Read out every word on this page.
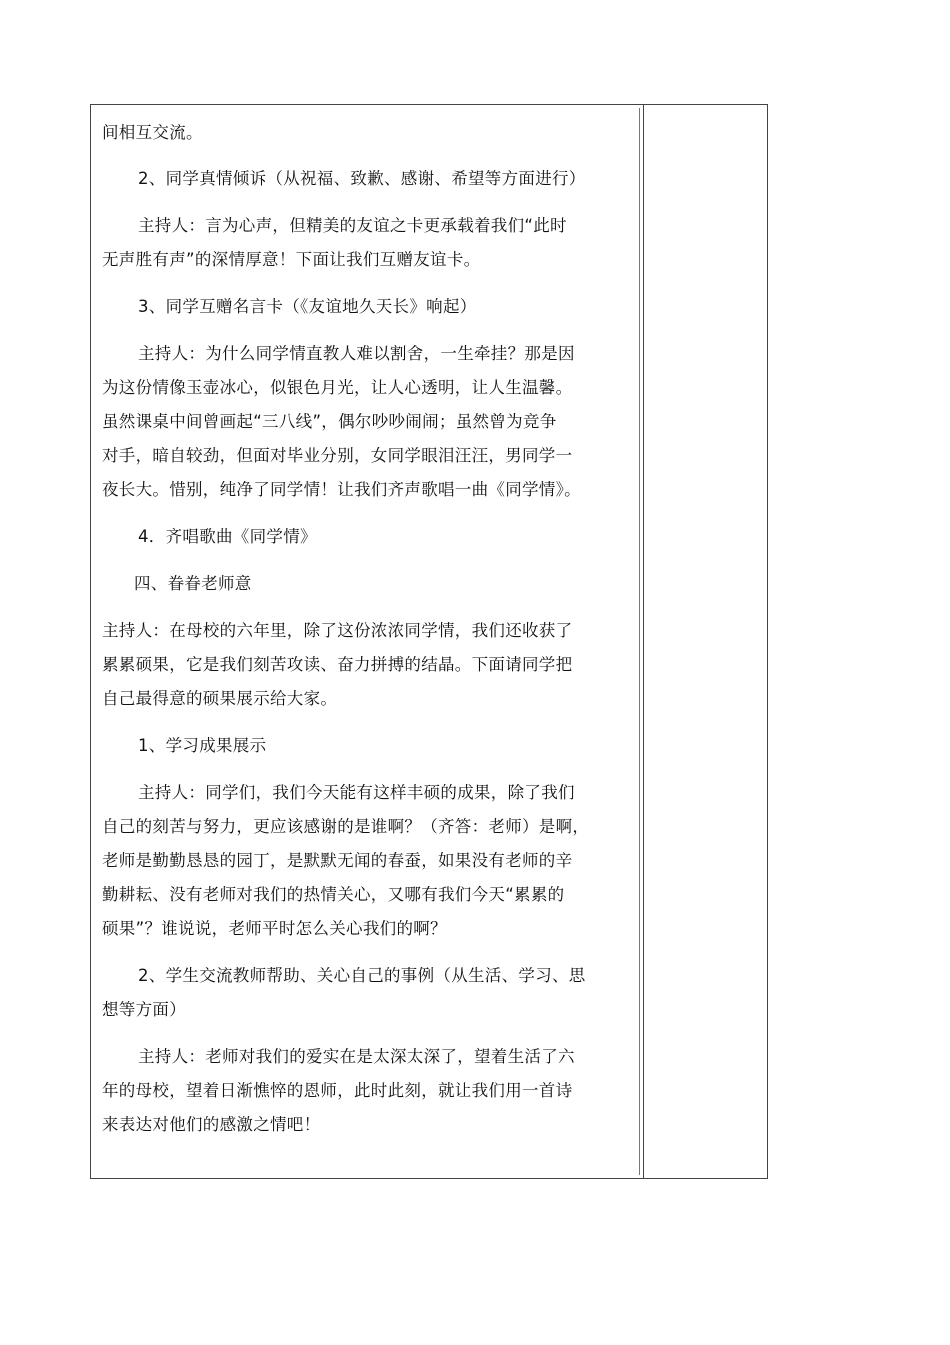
间相互交流。
2、同学真情倾诉（从祝福、致歉、感谢、希望等方面进行）
主持人：言为心声，但精美的友谊之卡更承载着我们“此时
无声胜有声”的深情厚意！下面让我们互赠友谊卡。
3、同学互赠名言卡（《友谊地久天长》响起）
主持人：为什么同学情直教人难以割舍，一生牵挂？那是因
为这份情像玉壶冰心，似银色月光，让人心透明，让人生温馨。
虽然课桌中间曾画起“三八线”，偶尔吵吵闹闹；虽然曾为竞争
对手，暗自较劲，但面对毕业分别，女同学眼泪汪汪，男同学一
夜长大。惜别，纯净了同学情！让我们齐声歌唱一曲《同学情》。
4．齐唱歌曲《同学情》
四、眷眷老师意
主持人：在母校的六年里，除了这份浓浓同学情，我们还收获了
累累硕果，它是我们刻苦攻读、奋力拼搏的结晶。下面请同学把
自己最得意的硕果展示给大家。
1、学习成果展示
主持人：同学们，我们今天能有这样丰硕的成果，除了我们
自己的刻苦与努力，更应该感谢的是谁啊？（齐答：老师）是啊，
老师是勤勤恳恳的园丁，是默默无闻的春蚕，如果没有老师的辛
勤耕耘、没有老师对我们的热情关心，又哪有我们今天“累累的
硕果”？谁说说，老师平时怎么关心我们的啊？
2、学生交流教师帮助、关心自己的事例（从生活、学习、思
想等方面）
主持人：老师对我们的爱实在是太深太深了，望着生活了六
年的母校，望着日渐憔悴的恩师，此时此刻，就让我们用一首诗
来表达对他们的感激之情吧！
